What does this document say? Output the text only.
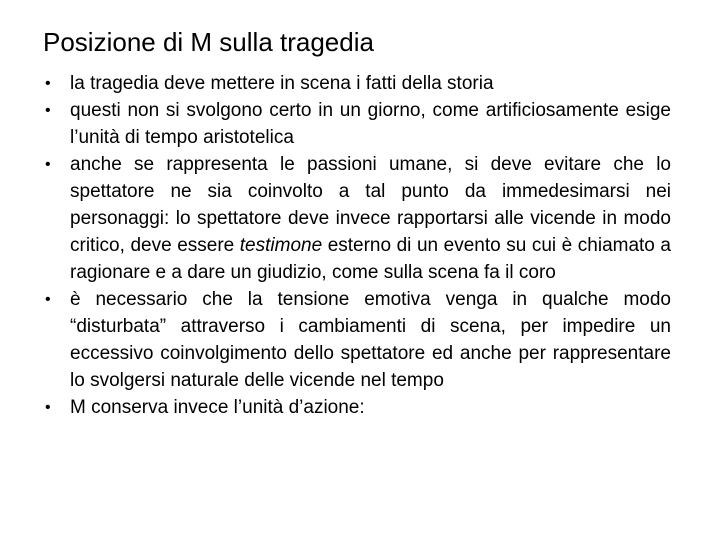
Posizione di M sulla tragedia
• la tragedia deve mettere in scena i fatti della storia
• questi non si svolgono certo in un giorno, come artificiosamente esige l’unità di tempo aristotelica
• anche se rappresenta le passioni umane, si deve evitare che lo spettatore ne sia coinvolto a tal punto da immedesimarsi nei personaggi: lo spettatore deve invece rapportarsi alle vicende in modo critico, deve essere testimone esterno di un evento su cui è chiamato a ragionare e a dare un giudizio, come sulla scena fa il coro
• è necessario che la tensione emotiva venga in qualche modo “disturbata” attraverso i cambiamenti di scena, per impedire un eccessivo coinvolgimento dello spettatore ed anche per rappresentare lo svolgersi naturale delle vicende nel tempo
• M conserva invece l’unità d’azione:
